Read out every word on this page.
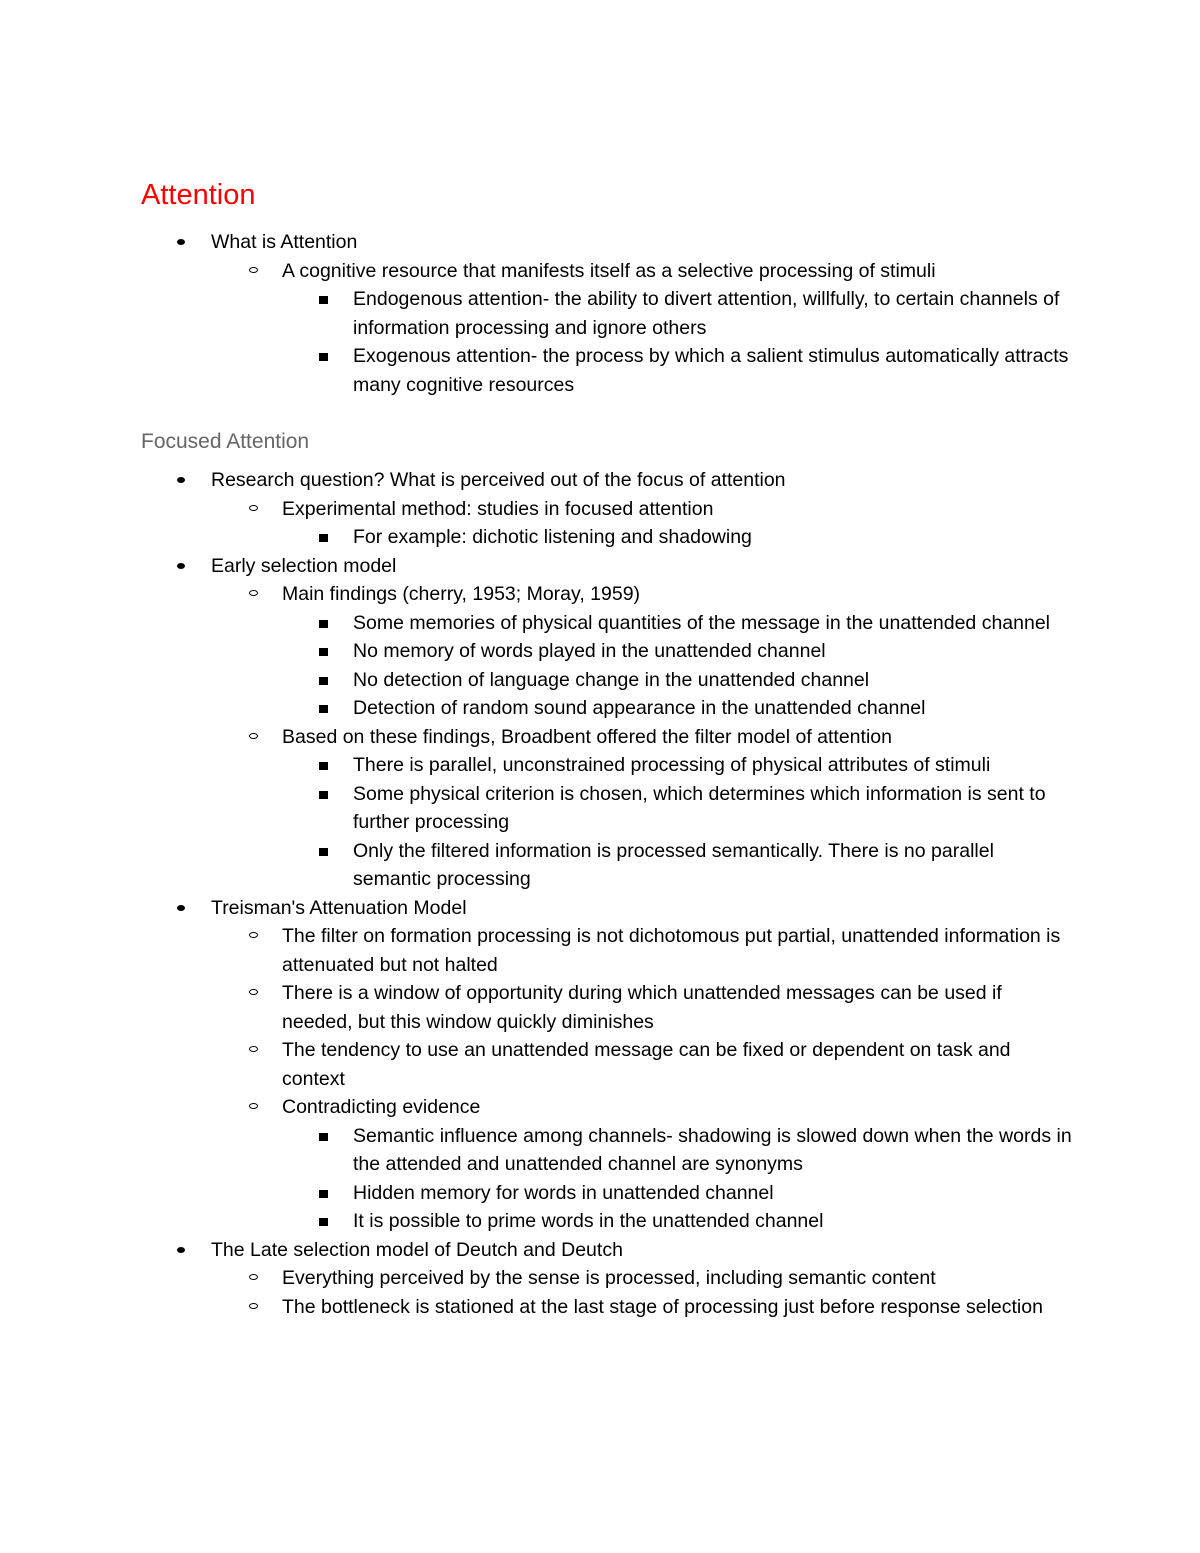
Attention
What is Attention
A cognitive resource that manifests itself as a selective processing of stimuli
Endogenous attention- the ability to divert attention, willfully, to certain channels of information processing and ignore others
Exogenous attention- the process by which a salient stimulus automatically attracts many cognitive resources
Focused Attention
Research question? What is perceived out of the focus of attention
Experimental method: studies in focused attention
For example: dichotic listening and shadowing
Early selection model
Main findings (cherry, 1953; Moray, 1959)
Some memories of physical quantities of the message in the unattended channel
No memory of words played in the unattended channel
No detection of language change in the unattended channel
Detection of random sound appearance in the unattended channel
Based on these findings, Broadbent offered the filter model of attention
There is parallel, unconstrained processing of physical attributes of stimuli
Some physical criterion is chosen, which determines which information is sent to further processing
Only the filtered information is processed semantically. There is no parallel semantic processing
Treisman's Attenuation Model
The filter on formation processing is not dichotomous put partial, unattended information is attenuated but not halted
There is a window of opportunity during which unattended messages can be used if needed, but this window quickly diminishes
The tendency to use an unattended message can be fixed or dependent on task and context
Contradicting evidence
Semantic influence among channels- shadowing is slowed down when the words in the attended and unattended channel are synonyms
Hidden memory for words in unattended channel
It is possible to prime words in the unattended channel
The Late selection model of Deutch and Deutch
Everything perceived by the sense is processed, including semantic content
The bottleneck is stationed at the last stage of processing just before response selection
